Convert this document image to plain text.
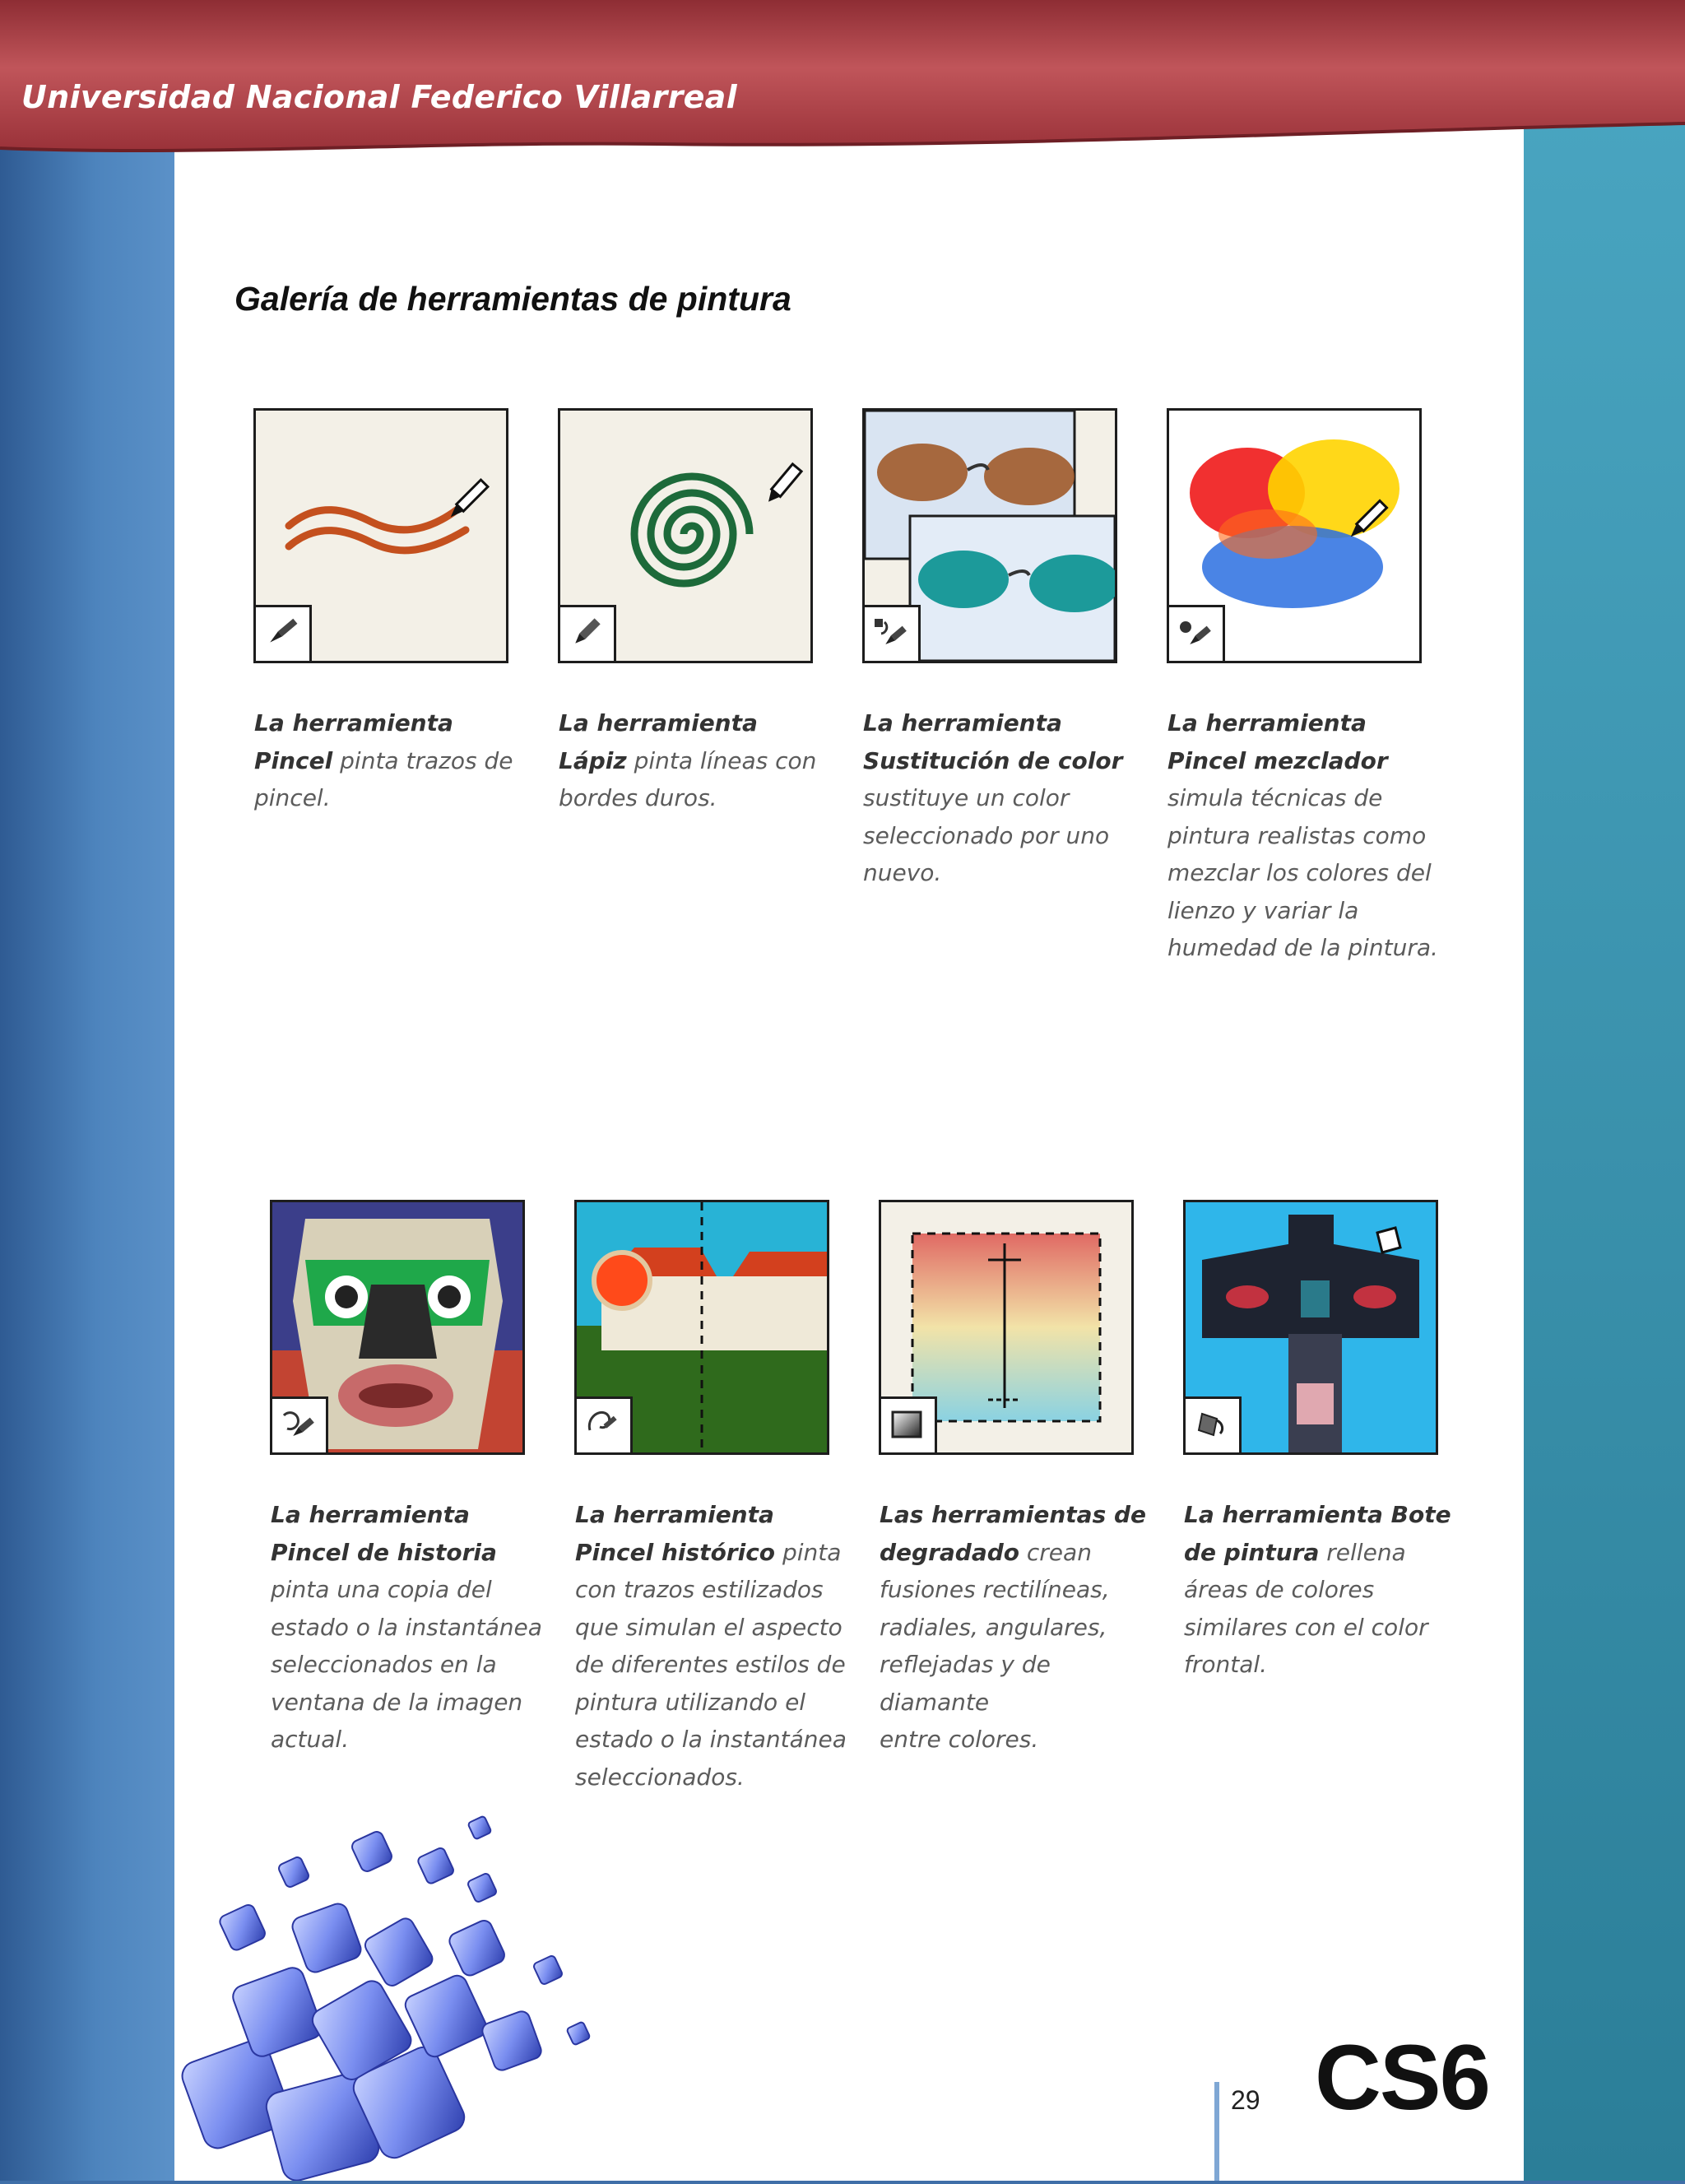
Universidad Nacional Federico Villarreal
Galería de herramientas de pintura
La herramienta
Pincel pinta trazos de
pincel.
La herramienta
Lápiz pinta líneas con
bordes duros.
La herramienta
Sustitución de color
sustituye un color
seleccionado por uno
nuevo.
La herramienta
Pincel mezclador
simula técnicas de
pintura realistas como
mezclar los colores del
lienzo y variar la
humedad de la pintura.
La herramienta
Pincel de historia
pinta una copia del
estado o la instantánea
seleccionados en la
ventana de la imagen
actual.
La herramienta
Pincel histórico pinta
con trazos estilizados
que simulan el aspecto
de diferentes estilos de
pintura utilizando el
estado o la instantánea
seleccionados.
Las herramientas de
degradado crean
fusiones rectilíneas,
radiales, angulares,
reflejadas y de diamante
entre colores.
La herramienta Bote
de pintura rellena
áreas de colores
similares con el color
frontal.
29 CS6
